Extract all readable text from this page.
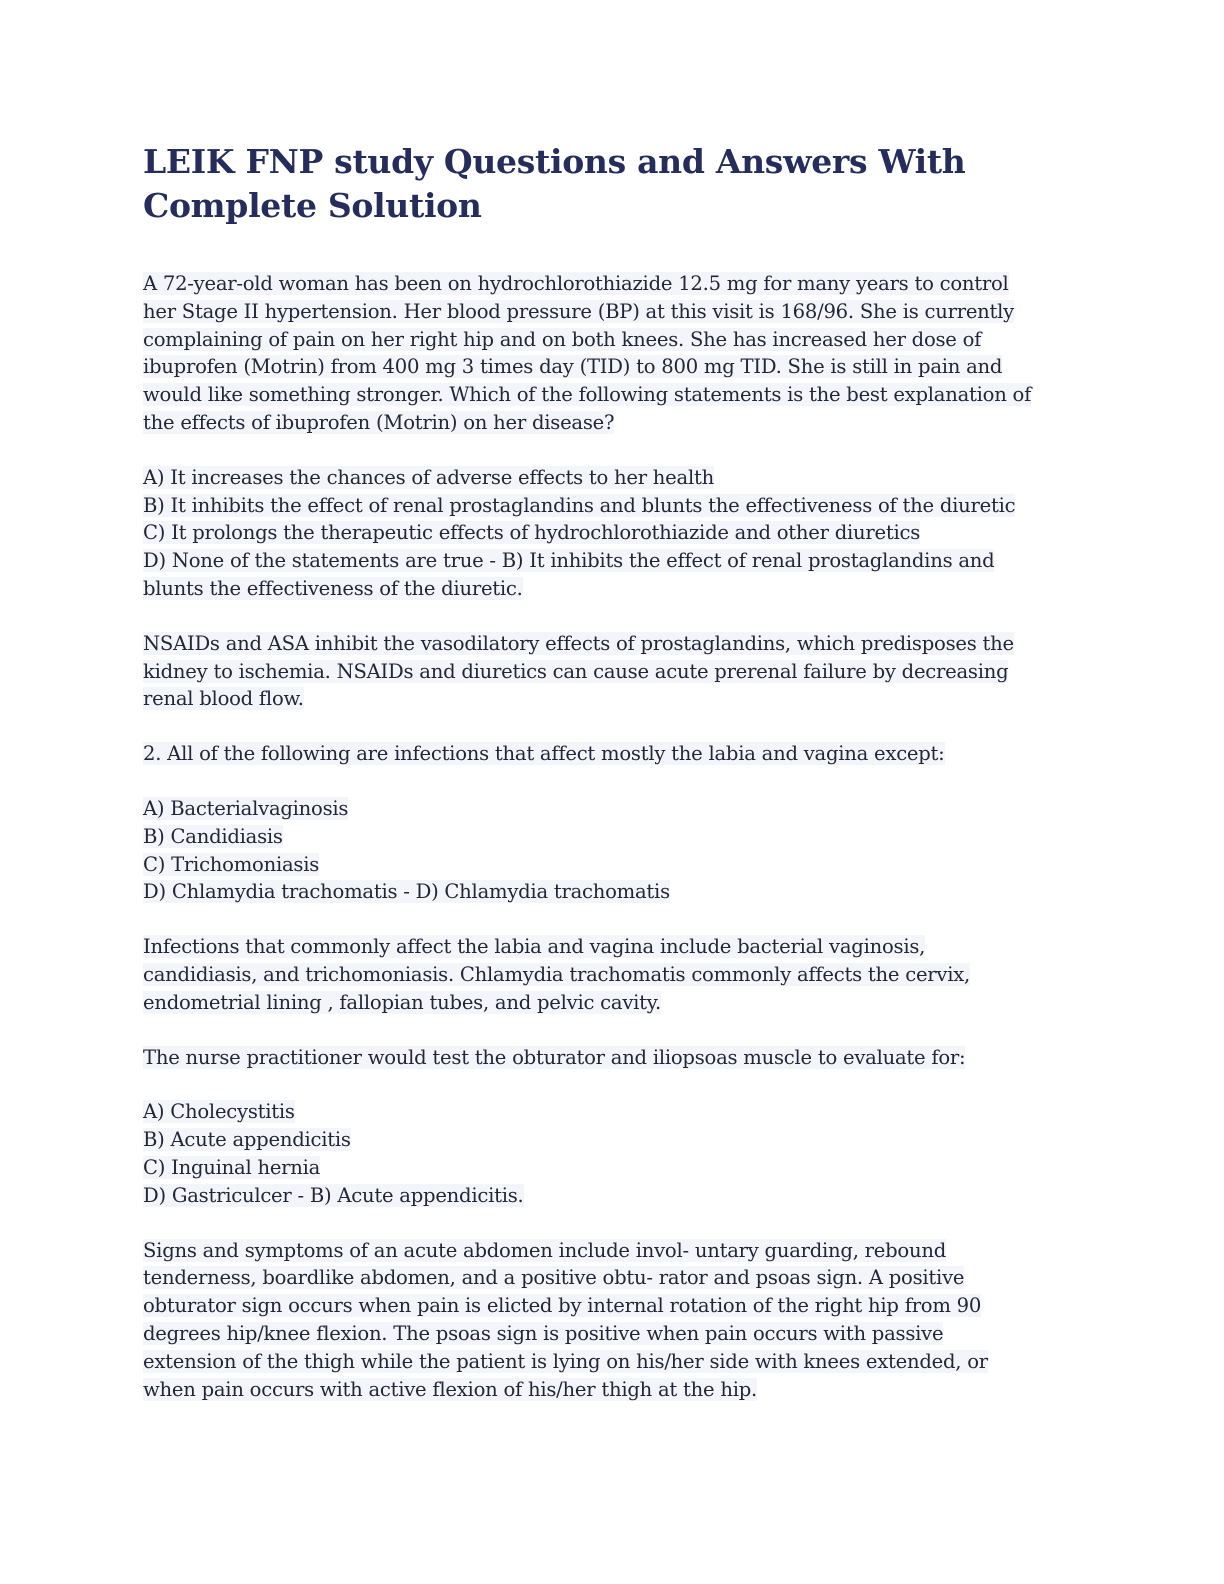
LEIK FNP study Questions and Answers With
Complete Solution
A 72-year-old woman has been on hydrochlorothiazide 12.5 mg for many years to control
her Stage II hypertension. Her blood pressure (BP) at this visit is 168/96. She is currently
complaining of pain on her right hip and on both knees. She has increased her dose of
ibuprofen (Motrin) from 400 mg 3 times day (TID) to 800 mg TID. She is still in pain and
would like something stronger. Which of the following statements is the best explanation of
the effects of ibuprofen (Motrin) on her disease?
A) It increases the chances of adverse effects to her health
B) It inhibits the effect of renal prostaglandins and blunts the effectiveness of the diuretic
C) It prolongs the therapeutic effects of hydrochlorothiazide and other diuretics
D) None of the statements are true - B) It inhibits the effect of renal prostaglandins and
blunts the effectiveness of the diuretic.
NSAIDs and ASA inhibit the vasodilatory effects of prostaglandins, which predisposes the
kidney to ischemia. NSAIDs and diuretics can cause acute prerenal failure by decreasing
renal blood flow.
2. All of the following are infections that affect mostly the labia and vagina except:
A) Bacterialvaginosis
B) Candidiasis
C) Trichomoniasis
D) Chlamydia trachomatis - D) Chlamydia trachomatis
Infections that commonly affect the labia and vagina include bacterial vaginosis,
candidiasis, and trichomoniasis. Chlamydia trachomatis commonly affects the cervix,
endometrial lining , fallopian tubes, and pelvic cavity.
The nurse practitioner would test the obturator and iliopsoas muscle to evaluate for:
A) Cholecystitis
B) Acute appendicitis
C) Inguinal hernia
D) Gastriculcer - B) Acute appendicitis.
Signs and symptoms of an acute abdomen include invol- untary guarding, rebound
tenderness, boardlike abdomen, and a positive obtu- rator and psoas sign. A positive
obturator sign occurs when pain is elicted by internal rotation of the right hip from 90
degrees hip/knee flexion. The psoas sign is positive when pain occurs with passive
extension of the thigh while the patient is lying on his/her side with knees extended, or
when pain occurs with active flexion of his/her thigh at the hip.
